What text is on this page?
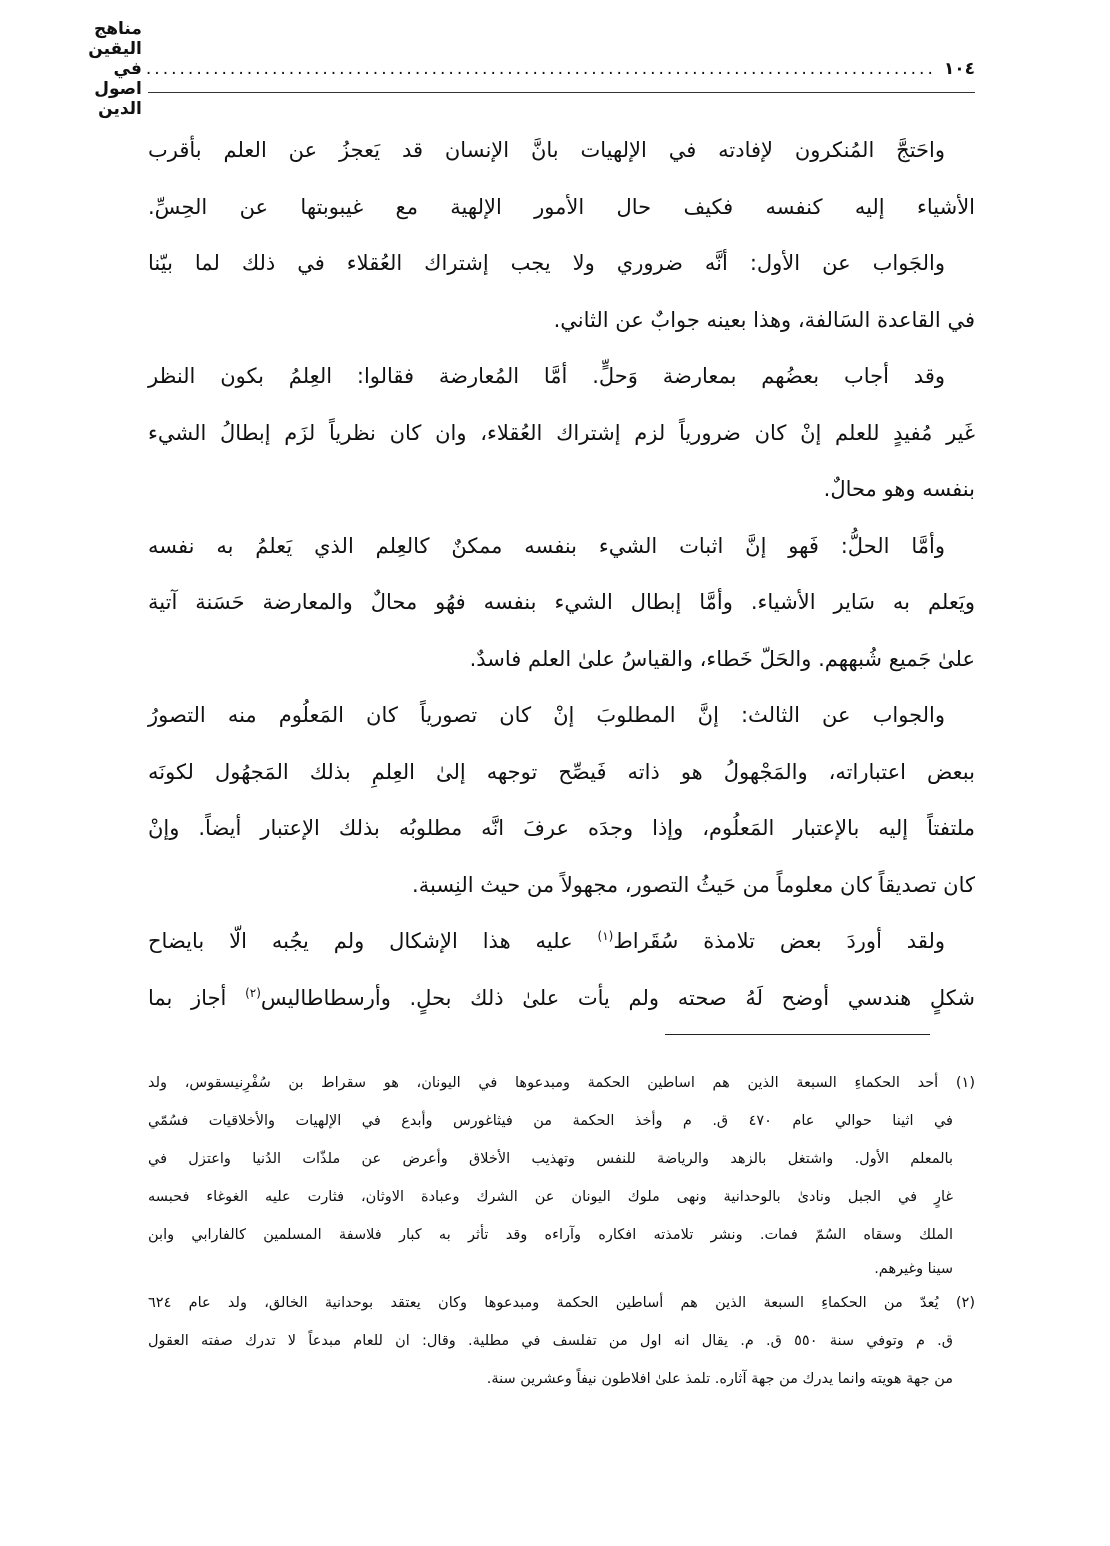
١٠٤
..............................................................................................
مناهج اليقين في اصول الدين
واحَتجَّ المُنكرون لإفادته في الإلهيات بانَّ الإنسان قد يَعجزُ عن العلم بأقرب
الأشياء إليه كنفسه فكيف حال الأمور الإلهية مع غيبوبتها عن الحِسِّ.
والجَواب عن الأول: أنَّه ضروري ولا يجب إشتراك العُقلاء في ذلك لما بيّنا
في القاعدة السَالفة، وهذا بعينه جوابٌ عن الثاني.
وقد أجاب بعضُهم بمعارضة وَحلٍّ. أمَّا المُعارضة فقالوا: العِلمُ بكون النظر
غَير مُفيدٍ للعلم إنْ كان ضرورياً لزم إشتراك العُقلاء، وان كان نظرياً لزَم إبطالُ الشيء
بنفسه وهو محالٌ.
وأمَّا الحلُّ: فَهو إنَّ اثبات الشيء بنفسه ممكنٌ كالعِلم الذي يَعلمُ به نفسه
ويَعلم به سَاير الأشياء. وأمَّا إبطال الشيء بنفسه فهُو محالٌ والمعارضة حَسَنة آتية
علىٰ جَميع شُبههم. والحَلّ خَطاء، والقياسُ علىٰ العلم فاسدٌ.
والجواب عن الثالث: إنَّ المطلوبَ إنْ كان تصورياً كان المَعلُوم منه التصورُ
ببعض اعتباراته، والمَجْهولُ هو ذاته فَيصِّح توجهه إلىٰ العِلمِ بذلك المَجهُول لكونَه
ملتفتاً إليه بالإعتبار المَعلُوم، وإذا وجدَه عرفَ انَّه مطلوبُه بذلك الإعتبار أيضاً. وإنْ
كان تصديقاً كان معلوماً من حَيثُ التصور، مجهولاً من حيث النِسبة.
ولقد أوردَ بعض تلامذة سُقَراط$^{(١)}$ عليه هذا الإشكال ولم يجُبه الّا بايضاح
شكلٍ هندسي أوضح لَهُ صحته ولم يأت علىٰ ذلك بحلٍ. وأرسطاطاليس$^{(٢)}$ أجاز بما
(١) أحد الحكماءِ السبعة الذين هم اساطين الحكمة ومبدعوها في اليونان، هو سقراط بن سُفْرِنيسقوس، ولد
في اثينا حوالي عام ٤٧٠ ق. م وأخذ الحكمة من فيثاغورس وأبدع في الإلهيات والأخلاقيات فسُمّي
بالمعلم الأول. واشتغل بالزهد والرياضة للنفس وتهذيب الأخلاق وأعرض عن ملذّات الدُنيا واعتزل في
غارٍ في الجبل ونادىٰ بالوحدانية ونهى ملوك اليونان عن الشرك وعبادة الاوثان، فثارت عليه الغوغاء فحبسه
الملك وسقاه السُمّ فمات. ونشر تلامذته افكاره وآراءه وقد تأثر به كبار فلاسفة المسلمين كالفارابي وابن
سينا وغيرهم.
(٢) يُعدّ من الحكماءِ السبعة الذين هم أساطين الحكمة ومبدعوها وكان يعتقد بوحدانية الخالق، ولد عام ٦٢٤
ق. م وتوفي سنة ٥٥٠ ق. م. يقال انه اول من تفلسف في مطلية. وقال: ان للعام مبدعاً لا تدرك صفته العقول
من جهة هويته وانما يدرك من جهة آثاره. تلمذ علىٰ افلاطون نيفاً وعشرين سنة.
